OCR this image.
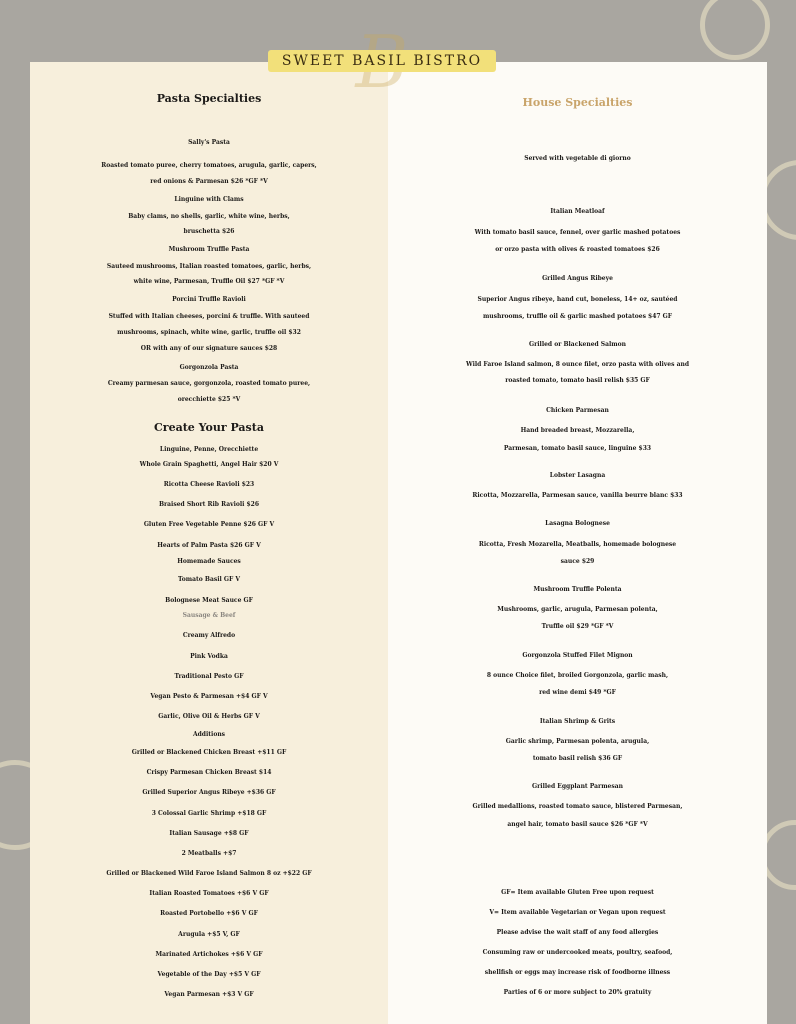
SWEET BASIL BISTRO
Pasta Specialties
Sally's Pasta
Roasted tomato puree, cherry tomatoes, arugula, garlic, capers,
red onions & Parmesan $26 *GF *V
Linguine with Clams
Baby clams, no shells, garlic, white wine, herbs,
bruschetta $26
Mushroom Truffle Pasta
Sauteed mushrooms, Italian roasted tomatoes, garlic, herbs,
white wine, Parmesan, Truffle Oil $27 *GF *V
Porcini Truffle Ravioli
Stuffed with Italian cheeses, porcini & truffle. With sauteed
mushrooms, spinach, white wine, garlic, truffle oil $32
OR with any of our signature sauces $28
Gorgonzola Pasta
Creamy parmesan sauce, gorgonzola, roasted tomato puree,
orecchiette $25 *V
Create Your Pasta
Linguine, Penne, Orecchiette
Whole Grain Spaghetti, Angel Hair $20 V
Ricotta Cheese Ravioli $23
Braised Short Rib Ravioli $26
Gluten Free Vegetable Penne $26 GF V
Hearts of Palm Pasta $26 GF V
Homemade Sauces
Tomato Basil GF V
Bolognese Meat Sauce GF
Sausage & Beef
Creamy Alfredo
Pink Vodka
Traditional Pesto GF
Vegan Pesto & Parmesan +$4 GF V
Garlic, Olive Oil & Herbs GF V
Additions
Grilled or Blackened Chicken Breast +$11 GF
Crispy Parmesan Chicken Breast $14
Grilled Superior Angus Ribeye +$36 GF
3 Colossal Garlic Shrimp +$18 GF
Italian Sausage +$8 GF
2 Meatballs +$7
Grilled or Blackened Wild Faroe Island Salmon 8 oz +$22 GF
Italian Roasted Tomatoes +$6 V GF
Roasted Portobello +$6 V GF
Arugula +$5 V, GF
Marinated Artichokes +$6 V GF
Vegetable of the Day +$5 V GF
Vegan Parmesan +$3 V GF
House Specialties
Served with vegetable di giorno
Italian Meatloaf
With tomato basil sauce, fennel, over garlic mashed potatoes
or orzo pasta with olives & roasted tomatoes $26
Grilled Angus Ribeye
Superior Angus ribeye, hand cut, boneless, 14+ oz, sautéed
mushrooms, truffle oil & garlic mashed potatoes $47 GF
Grilled or Blackened Salmon
Wild Faroe Island salmon, 8 ounce filet, orzo pasta with olives and
roasted tomato, tomato basil relish $35 GF
Chicken Parmesan
Hand breaded breast, Mozzarella,
Parmesan, tomato basil sauce, linguine $33
Lobster Lasagna
Ricotta, Mozzarella, Parmesan sauce, vanilla beurre blanc $33
Lasagna Bolognese
Ricotta, Fresh Mozarella, Meatballs, homemade bolognese
sauce $29
Mushroom Truffle Polenta
Mushrooms, garlic, arugula, Parmesan polenta,
Truffle oil $29 *GF *V
Gorgonzola Stuffed Filet Mignon
8 ounce Choice filet, broiled Gorgonzola, garlic mash,
red wine demi $49 *GF
Italian Shrimp & Grits
Garlic shrimp, Parmesan polenta, arugula,
tomato basil relish $36 GF
Grilled Eggplant Parmesan
Grilled medallions, roasted tomato sauce, blistered Parmesan,
angel hair, tomato basil sauce $26 *GF *V
GF= Item available Gluten Free upon request
V= Item available Vegetarian or Vegan upon request
Please advise the wait staff of any food allergies
Consuming raw or undercooked meats, poultry, seafood,
shellfish or eggs may increase risk of foodborne illness
Parties of 6 or more subject to 20% gratuity
